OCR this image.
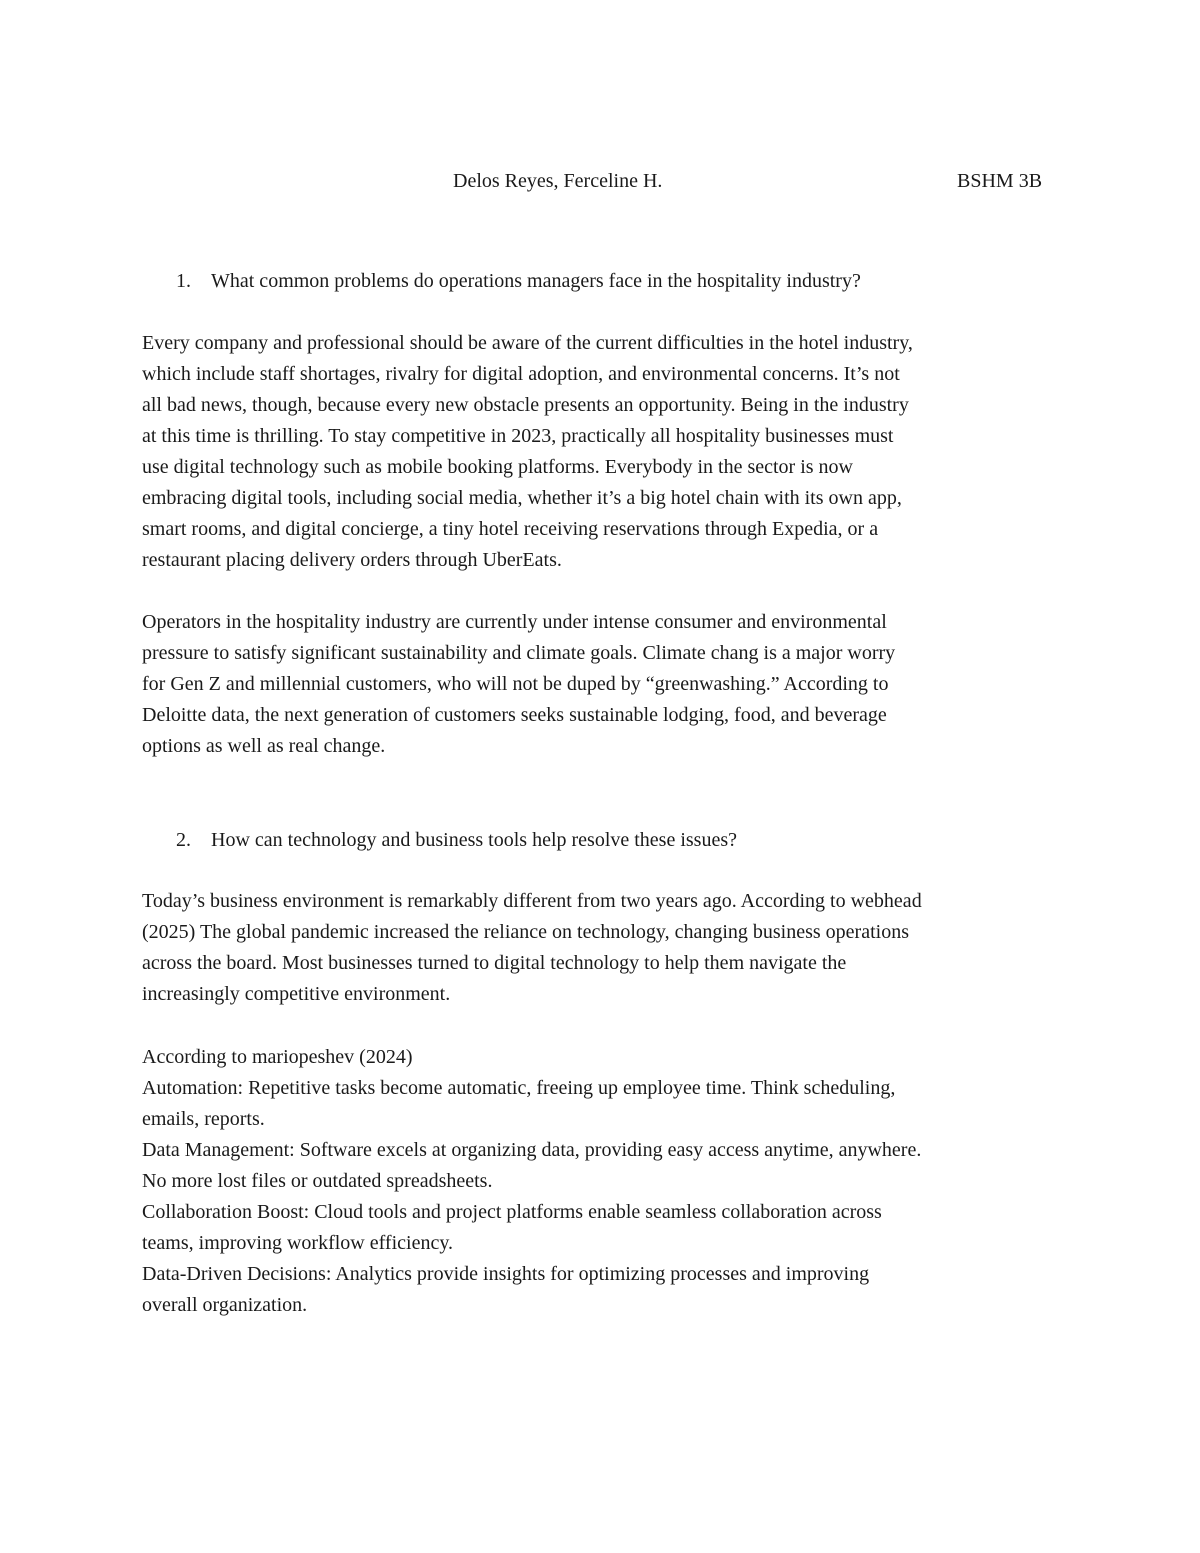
Delos Reyes, Ferceline H.	BSHM 3B
1. What common problems do operations managers face in the hospitality industry?
Every company and professional should be aware of the current difficulties in the hotel industry,
which include staff shortages, rivalry for digital adoption, and environmental concerns. It’s not
all bad news, though, because every new obstacle presents an opportunity. Being in the industry
at this time is thrilling. To stay competitive in 2023, practically all hospitality businesses must
use digital technology such as mobile booking platforms. Everybody in the sector is now
embracing digital tools, including social media, whether it’s a big hotel chain with its own app,
smart rooms, and digital concierge, a tiny hotel receiving reservations through Expedia, or a
restaurant placing delivery orders through UberEats.
Operators in the hospitality industry are currently under intense consumer and environmental
pressure to satisfy significant sustainability and climate goals. Climate chang is a major worry
for Gen Z and millennial customers, who will not be duped by “greenwashing.” According to
Deloitte data, the next generation of customers seeks sustainable lodging, food, and beverage
options as well as real change.
2. How can technology and business tools help resolve these issues?
Today’s business environment is remarkably different from two years ago. According to webhead
(2025) The global pandemic increased the reliance on technology, changing business operations
across the board. Most businesses turned to digital technology to help them navigate the
increasingly competitive environment.
According to mariopeshev (2024)
Automation: Repetitive tasks become automatic, freeing up employee time. Think scheduling,
emails, reports.
Data Management: Software excels at organizing data, providing easy access anytime, anywhere.
No more lost files or outdated spreadsheets.
Collaboration Boost: Cloud tools and project platforms enable seamless collaboration across
teams, improving workflow efficiency.
Data-Driven Decisions: Analytics provide insights for optimizing processes and improving
overall organization.
